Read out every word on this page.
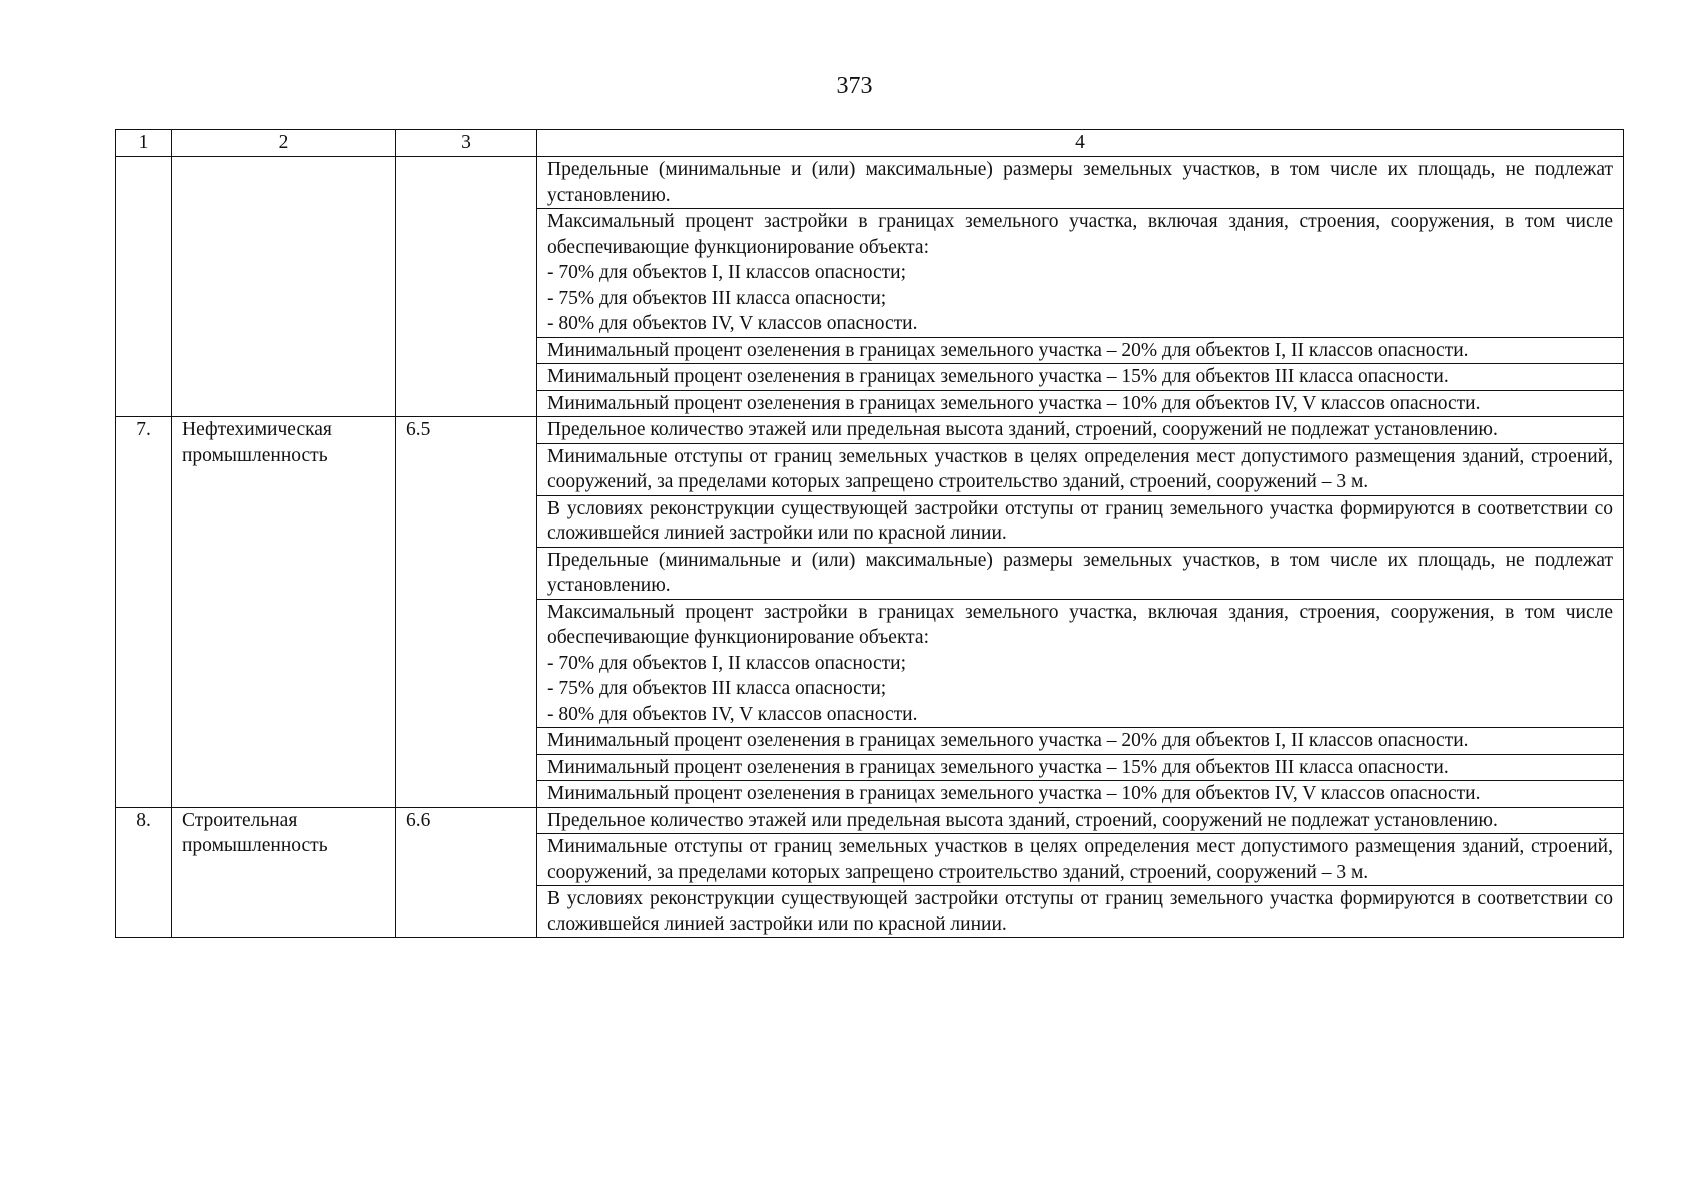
373
1	2	3	4
			Предельные (минимальные и (или) максимальные) размеры земельных участков, в том числе их площадь, не подлежат установлению.

			Максимальный процент застройки в границах земельного участка, включая здания, строения, сооружения, в том числе обеспечивающие функционирование объекта:
- 70% для объектов I, II классов опасности;
- 75% для объектов III класса опасности;
- 80% для объектов IV, V классов опасности.

			Минимальный процент озеленения в границах земельного участка – 20% для объектов I, II классов опасности.
			Минимальный процент озеленения в границах земельного участка – 15% для объектов III класса опасности.
			Минимальный процент озеленения в границах земельного участка – 10% для объектов IV, V классов опасности.
7.	Нефтехимическая промышленность	6.5	Предельное количество этажей или предельная высота зданий, строений, сооружений не подлежат установлению.
			Минимальные отступы от границ земельных участков в целях определения мест допустимого размещения зданий, строений, сооружений, за пределами которых запрещено строительство зданий, строений, сооружений – 3 м.
			В условиях реконструкции существующей застройки отступы от границ земельного участка формируются в соответствии со сложившейся линией застройки или по красной линии.
			Предельные (минимальные и (или) максимальные) размеры земельных участков, в том числе их площадь, не подлежат установлению.

			Максимальный процент застройки в границах земельного участка, включая здания, строения, сооружения, в том числе обеспечивающие функционирование объекта:
- 70% для объектов I, II классов опасности;
- 75% для объектов III класса опасности;
- 80% для объектов IV, V классов опасности.

			Минимальный процент озеленения в границах земельного участка – 20% для объектов I, II классов опасности.
			Минимальный процент озеленения в границах земельного участка – 15% для объектов III класса опасности.
			Минимальный процент озеленения в границах земельного участка – 10% для объектов IV, V классов опасности.
8.	Строительная промышленность	6.6	Предельное количество этажей или предельная высота зданий, строений, сооружений не подлежат установлению.
			Минимальные отступы от границ земельных участков в целях определения мест допустимого размещения зданий, строений, сооружений, за пределами которых запрещено строительство зданий, строений, сооружений – 3 м.
			В условиях реконструкции существующей застройки отступы от границ земельного участка формируются в соответствии со сложившейся линией застройки или по красной линии.
